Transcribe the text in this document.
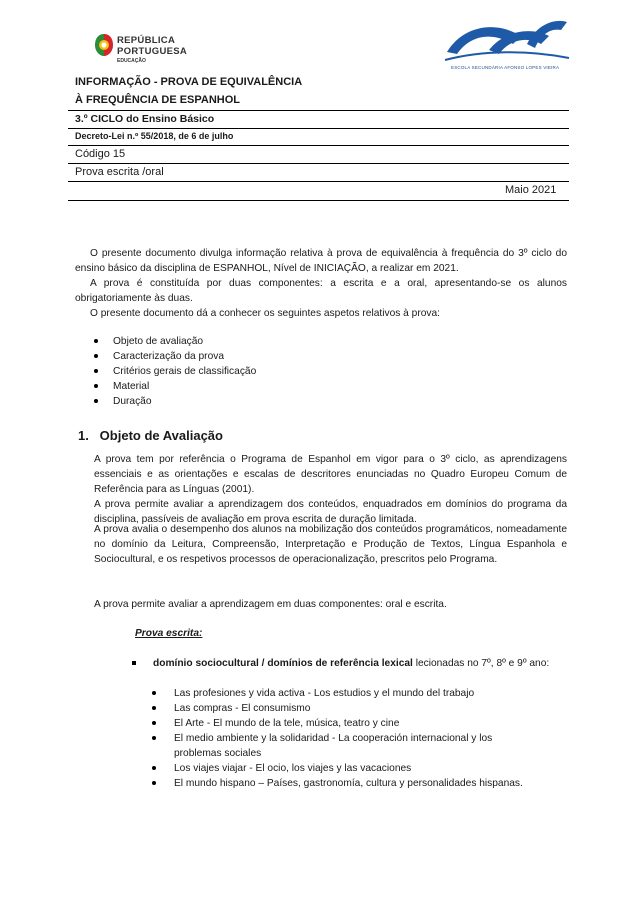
REPÚBLICA
PORTUGUESA
EDUCAÇÃO
ESCOLA SECUNDÁRIA AFONSO LOPES VIEIRA
INFORMAÇÃO - PROVA DE EQUIVALÊNCIA
À FREQUÊNCIA DE ESPANHOL
3.º CICLO do Ensino Básico
Decreto-Lei n.º 55/2018, de 6 de julho
Código 15
Prova escrita /oral
Maio 2021
O presente documento divulga informação relativa à prova de equivalência à frequência do 3º ciclo do ensino básico da disciplina de ESPANHOL, Nível de INICIAÇÃO, a realizar em 2021.
A prova é constituída por duas componentes: a escrita e a oral, apresentando-se os alunos obrigatoriamente às duas.
O presente documento dá a conhecer os seguintes aspetos relativos à prova:
Objeto de avaliação
Caracterização da prova
Critérios gerais de classificação
Material
Duração
1.   Objeto de Avaliação
A prova tem por referência o Programa de Espanhol em vigor para o 3º ciclo, as aprendizagens essenciais e as orientações e escalas de descritores enunciadas no Quadro Europeu Comum de Referência para as Línguas (2001).
A prova permite avaliar a aprendizagem dos conteúdos, enquadrados em domínios do programa da disciplina, passíveis de avaliação em prova escrita de duração limitada.
A prova avalia o desempenho dos alunos na mobilização dos conteúdos programáticos, nomeadamente no domínio da Leitura, Compreensão, Interpretação e Produção de Textos, Língua Espanhola e Sociocultural, e os respetivos processos de operacionalização, prescritos pelo Programa.
A prova permite avaliar a aprendizagem em duas componentes: oral e escrita.
Prova escrita:
domínio sociocultural / domínios de referência lexical lecionadas no 7º, 8º e 9º ano:
Las profesiones y vida activa - Los estudios y el mundo del trabajo
Las compras - El consumismo
El Arte - El mundo de la tele, música, teatro y cine
El medio ambiente y la solidaridad - La cooperación internacional y los problemas sociales
Los viajes viajar - El ocio, los viajes y las vacaciones
El mundo hispano – Países, gastronomía, cultura y personalidades hispanas.
